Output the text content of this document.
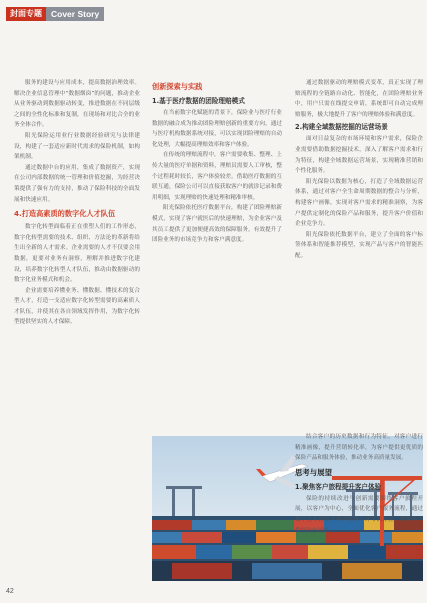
封面专题	Cover Story

服务的建设与应用成本，提高数据治理效率。解决企业信息管理中“数据烟囱”的问题，推动企业从业务驱动到数据驱动转变，推进数据在不同层级之间的全性化标准和复制，在现场和对比合全的业务全体合作。

阳光保险运用业行业数据经验研究与法律建设，构建了一套适应新时代需求的保险机制，如构架机制。

通过数据中台的应用，集成了数据资产，实现在公司内部数据的统一管理和价值挖掘，为经营决策提供了强有力的支持，推动了保险科技的全面发展和快速应用。

4.打造高素质的数字化人才队伍

数字化转型面临着正在重塑人们的工作形态，数字化转型需要的技术、组织、方法论的革新将给生出全新的人才需求。企业需要的人才不仅要会用数据，更要对业务有洞察，理解并推进数字化建设，培养数字化转型人才队伍，推动由数据驱动的数字化业务模式和机会。

企业需要培养懂业务、懂数据、懂技术的复合型人才，打造一支适应数字化转型需要的高素质人才队伍，并使其在各自领域发挥作用，为数字化转型提供坚实的人才保障。

创新探索与实践
1.基于医疗数据的团险理赔模式

在当前数字化赋能的背景下，保险业与医疗行业数据的融合成为推动团险理赔创新的重要方向，通过与医疗机构数据系统对接，可以实现团险理赔的自动化处理，大幅提高理赔效率和客户体验。

在传统的理赔流程中，客户需要收集、整理、上传大量的医疗单据和资料，理赔员需要人工审核，整个过程耗时较长，客户体验较差。借助医疗数据的互联互通，保险公司可以直接获取客户的就诊记录和费用明细，实现理赔的快速处理和精准审核。

阳光保险依托医疗数据平台，构建了团险理赔新模式，实现了客户就医后的快速理赔，为企业客户及其员工提供了更加便捷高效的保障服务，有效提升了团险业务的市场竞争力和客户满意度。

通过数据驱动的理赔模式变革，真正实现了理赔流程的全链路自动化、智能化，在团险理赔业务中，用户只需在线提交申请，系统即可自动完成理赔服务，极大地提升了客户的理赔体验和满意度。

2.构建全域数据挖掘的运营场景

面对日益复杂的市场环境和客户需求，保险企业需要借助数据挖掘技术，深入了解客户需求和行为特征，构建全域数据运营场景，实现精准营销和个性化服务。

阳光保险以数据为核心，打造了全域数据运营体系，通过对客户全生命周期数据的整合与分析，构建客户画像，实现对客户需求的精准洞察，为客户提供定制化的保险产品和服务，提升客户价值和企业竞争力。

阳光保险依托数据平台，建立了全面的客户标签体系和智能推荐模型，实现产品与客户的智能匹配。

结合客户的历史数据和行为特征，对客户进行精准画像，提升营销转化率，为客户提供更优质的保险产品和服务体验，推动业务高质量发展。

思考与展望
1.聚焦客户旅程提升客户体验

保险的持续改进与创新需要围绕客户旅程开展，以客户为中心，全面优化客户服务流程，通过数字化手段提升客户在各个环节的体验，增强客户粘性和忠诚度。

42
